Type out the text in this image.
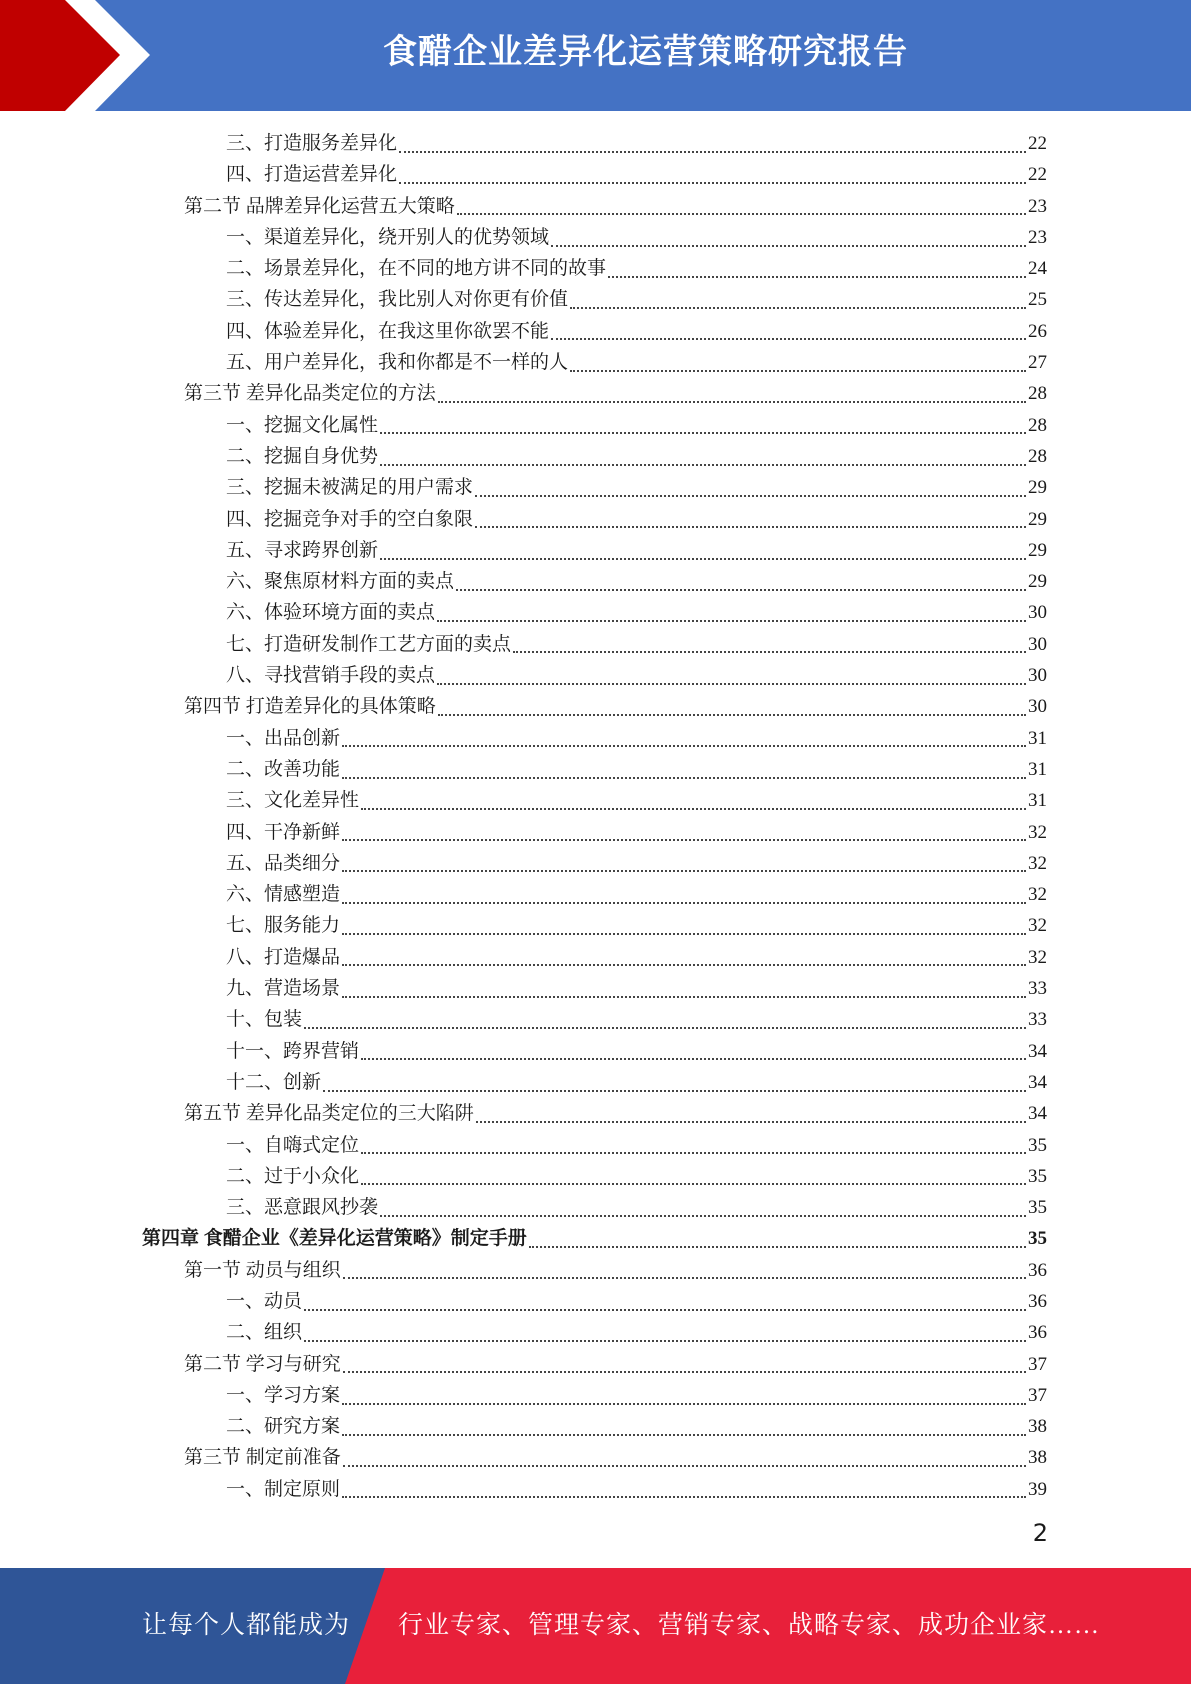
食醋企业差异化运营策略研究报告
三、打造服务差异化	22
四、打造运营差异化	22
第二节 品牌差异化运营五大策略	23
一、渠道差异化，绕开别人的优势领域	23
二、场景差异化，在不同的地方讲不同的故事	24
三、传达差异化，我比别人对你更有价值	25
四、体验差异化，在我这里你欲罢不能	26
五、用户差异化，我和你都是不一样的人	27
第三节 差异化品类定位的方法	28
一、挖掘文化属性	28
二、挖掘自身优势	28
三、挖掘未被满足的用户需求	29
四、挖掘竞争对手的空白象限	29
五、寻求跨界创新	29
六、聚焦原材料方面的卖点	29
六、体验环境方面的卖点	30
七、打造研发制作工艺方面的卖点	30
八、寻找营销手段的卖点	30
第四节 打造差异化的具体策略	30
一、出品创新	31
二、改善功能	31
三、文化差异性	31
四、干净新鲜	32
五、品类细分	32
六、情感塑造	32
七、服务能力	32
八、打造爆品	32
九、营造场景	33
十、包装	33
十一、跨界营销	34
十二、创新	34
第五节 差异化品类定位的三大陷阱	34
一、自嗨式定位	35
二、过于小众化	35
三、恶意跟风抄袭	35
第四章 食醋企业《差异化运营策略》制定手册	35
第一节 动员与组织	36
一、动员	36
二、组织	36
第二节 学习与研究	37
一、学习方案	37
二、研究方案	38
第三节 制定前准备	38
一、制定原则	39
2
让每个人都能成为 行业专家、管理专家、营销专家、战略专家、成功企业家……
